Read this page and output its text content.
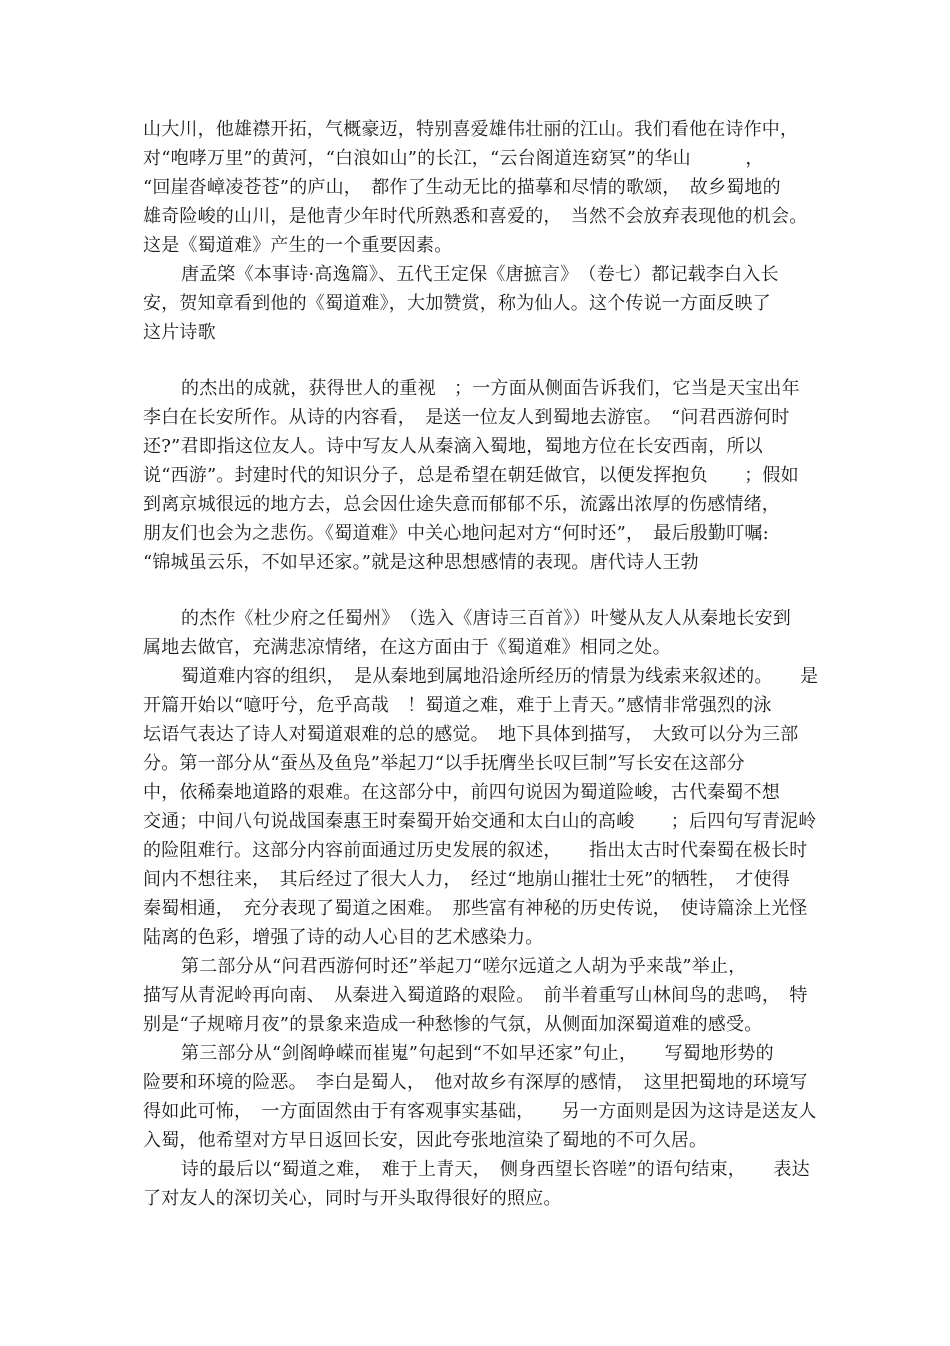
山大川，他雄襟开拓，气概豪迈，特别喜爱雄伟壮丽的江山。我们看他在诗作中，
对“咆哮万里”的黄河，“白浪如山”的长江，“云台阁道连窈冥”的华山　　　，
“回崖沓嶂凌苍苍”的庐山，　都作了生动无比的描摹和尽情的歌颂，　故乡蜀地的
雄奇险峻的山川，是他青少年时代所熟悉和喜爱的，　当然不会放弃表现他的机会。
这是《蜀道难》产生的一个重要因素。
唐孟棨《本事诗·高逸篇》、五代王定保《唐摭言》　（卷七）都记载李白入长
安，贺知章看到他的《蜀道难》，大加赞赏，称为仙人。这个传说一方面反映了
这片诗歌
的杰出的成就，获得世人的重视　；一方面从侧面告诉我们，它当是天宝出年
李白在长安所作。从诗的内容看，　是送一位友人到蜀地去游宦。　“问君西游何时
还?”君即指这位友人。诗中写友人从秦滴入蜀地，蜀地方位在长安西南，所以
说“西游”。封建时代的知识分子，总是希望在朝廷做官，以便发挥抱负　　；假如
到离京城很远的地方去，总会因仕途失意而郁郁不乐，流露出浓厚的伤感情绪，
朋友们也会为之悲伤。《蜀道难》中关心地问起对方“何时还”，　最后殷勤叮嘱:
“锦城虽云乐，不如早还家。”就是这种思想感情的表现。唐代诗人王勃
的杰作《杜少府之任蜀州》　（选入《唐诗三百首》）叶燮从友人从秦地长安到
属地去做官，充满悲凉情绪，在这方面由于《蜀道难》相同之处。
蜀道难内容的组织，　是从秦地到属地沿途所经历的情景为线索来叙述的。　　是
开篇开始以“噫吁兮，危乎高哉　！蜀道之难，难于上青天。”感情非常强烈的泳
坛语气表达了诗人对蜀道艰难的总的感觉。　地下具体到描写，　大致可以分为三部
分。第一部分从“蚕丛及鱼凫”举起刀“以手抚膺坐长叹巨制”写长安在这部分
中，依稀秦地道路的艰难。在这部分中，前四句说因为蜀道险峻，古代秦蜀不想
交通；中间八句说战国秦惠王时秦蜀开始交通和太白山的高峻　　；后四句写青泥岭
的险阻难行。这部分内容前面通过历史发展的叙述，　　指出太古时代秦蜀在极长时
间内不想往来，　其后经过了很大人力，　经过“地崩山摧壮士死”的牺牲，　才使得
秦蜀相通，　充分表现了蜀道之困难。　那些富有神秘的历史传说，　使诗篇涂上光怪
陆离的色彩，增强了诗的动人心目的艺术感染力。
第二部分从“问君西游何时还”举起刀“嗟尔远道之人胡为乎来哉”举止，
描写从青泥岭再向南、　从秦进入蜀道路的艰险。　前半着重写山林间鸟的悲鸣，　特
别是“子规啼月夜”的景象来造成一种愁惨的气氛，从侧面加深蜀道难的感受。
第三部分从“剑阁峥嵘而崔嵬”句起到“不如早还家”句止，　　写蜀地形势的
险要和环境的险恶。　李白是蜀人，　他对故乡有深厚的感情，　这里把蜀地的环境写
得如此可怖，　一方面固然由于有客观事实基础，　　另一方面则是因为这诗是送友人
入蜀，他希望对方早日返回长安，因此夸张地渲染了蜀地的不可久居。
诗的最后以“蜀道之难，　难于上青天，　侧身西望长咨嗟”的语句结束，　　表达
了对友人的深切关心，同时与开头取得很好的照应。
